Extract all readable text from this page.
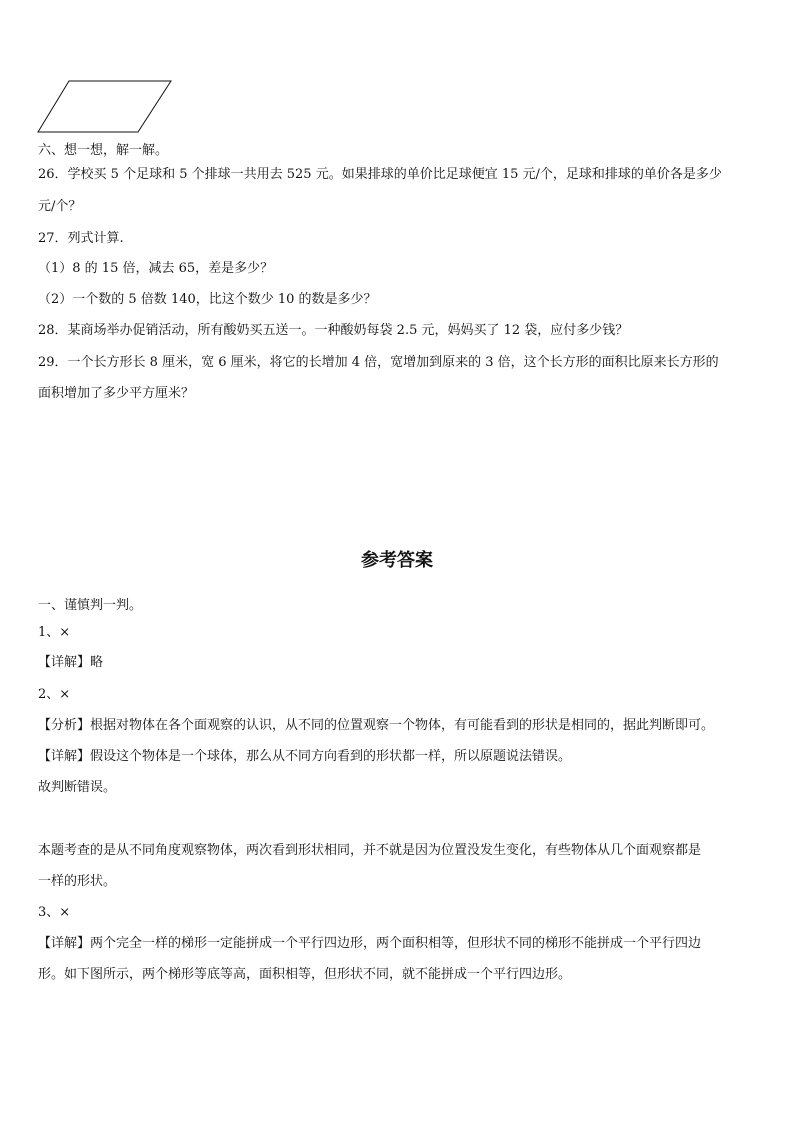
六、想一想，解一解。
26．学校买 5 个足球和 5 个排球一共用去 525 元。如果排球的单价比足球便宜 15 元/个，足球和排球的单价各是多少
元/个？
27．列式计算.
（1）8 的 15 倍，减去 65，差是多少？
（2）一个数的 5 倍数 140，比这个数少 10 的数是多少？
28．某商场举办促销活动，所有酸奶买五送一。一种酸奶每袋 2.5 元，妈妈买了 12 袋，应付多少钱？
29．一个长方形长 8 厘米，宽 6 厘米，将它的长增加 4 倍，宽增加到原来的 3 倍，这个长方形的面积比原来长方形的
面积增加了多少平方厘米？
参考答案
一、谨慎判一判。
1、×
【详解】略
2、×
【分析】根据对物体在各个面观察的认识，从不同的位置观察一个物体，有可能看到的形状是相同的，据此判断即可。
【详解】假设这个物体是一个球体，那么从不同方向看到的形状都一样，所以原题说法错误。
故判断错误。
本题考查的是从不同角度观察物体，两次看到形状相同，并不就是因为位置没发生变化，有些物体从几个面观察都是
一样的形状。
3、×
【详解】两个完全一样的梯形一定能拼成一个平行四边形，两个面积相等，但形状不同的梯形不能拼成一个平行四边
形。如下图所示，两个梯形等底等高，面积相等，但形状不同，就不能拼成一个平行四边形。
